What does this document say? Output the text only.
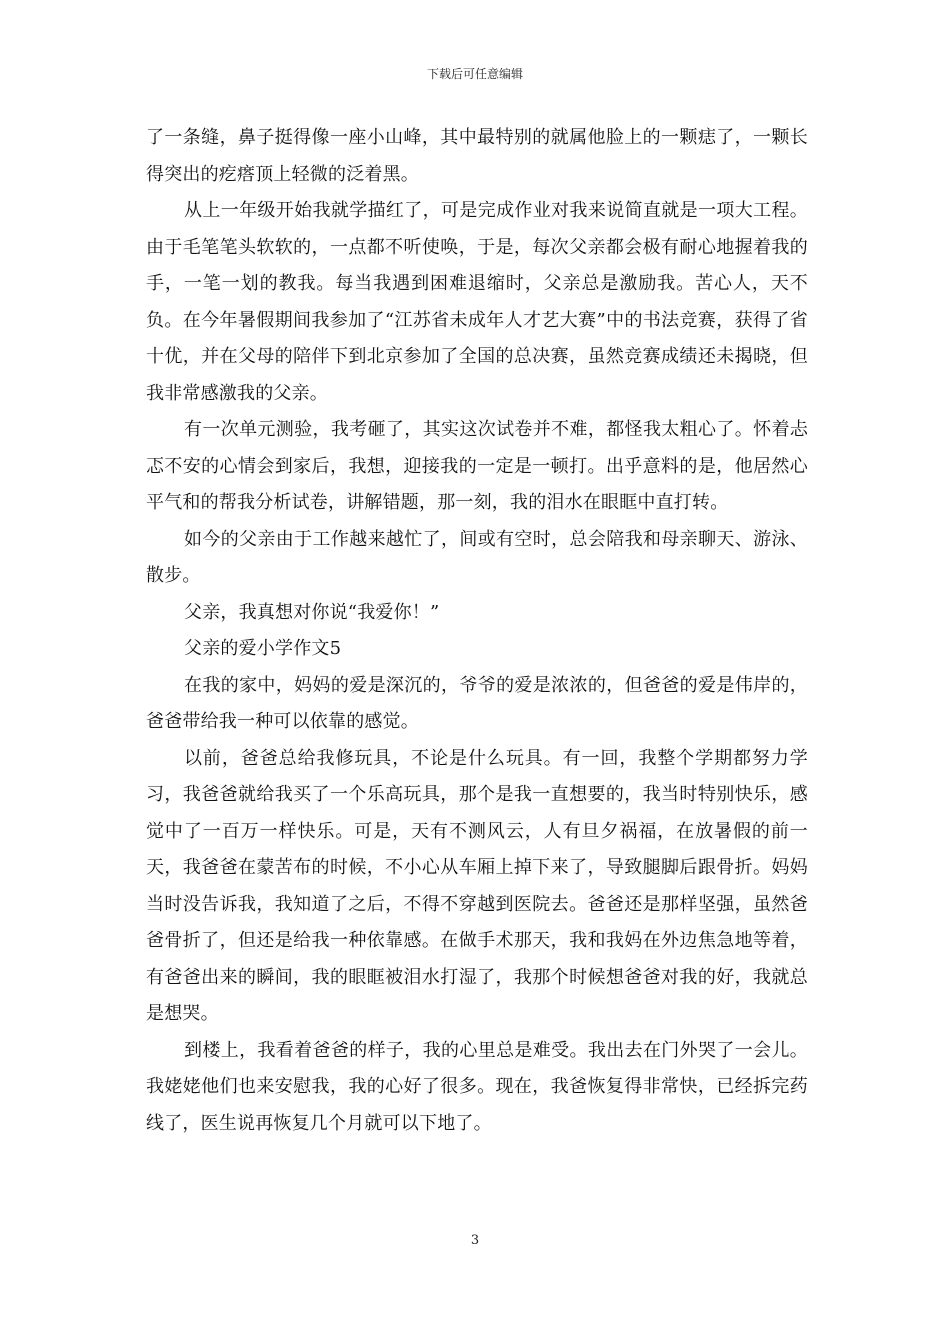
下载后可任意编辑

了一条缝，鼻子挺得像一座小山峰，其中最特别的就属他脸上的一颗痣了，一颗长得突出的疙瘩顶上轻微的泛着黑。

从上一年级开始我就学描红了，可是完成作业对我来说简直就是一项大工程。由于毛笔笔头软软的，一点都不听使唤，于是，每次父亲都会极有耐心地握着我的手，一笔一划的教我。每当我遇到困难退缩时，父亲总是激励我。苦心人，天不负。在今年暑假期间我参加了“江苏省未成年人才艺大赛”中的书法竞赛，获得了省十优，并在父母的陪伴下到北京参加了全国的总决赛，虽然竞赛成绩还未揭晓，但我非常感激我的父亲。

有一次单元测验，我考砸了，其实这次试卷并不难，都怪我太粗心了。怀着忐忑不安的心情会到家后，我想，迎接我的一定是一顿打。出乎意料的是，他居然心平气和的帮我分析试卷，讲解错题，那一刻，我的泪水在眼眶中直打转。

如今的父亲由于工作越来越忙了，间或有空时，总会陪我和母亲聊天、游泳、散步。

父亲，我真想对你说“我爱你！”

父亲的爱小学作文5

在我的家中，妈妈的爱是深沉的，爷爷的爱是浓浓的，但爸爸的爱是伟岸的，爸爸带给我一种可以依靠的感觉。

以前，爸爸总给我修玩具，不论是什么玩具。有一回，我整个学期都努力学习，我爸爸就给我买了一个乐高玩具，那个是我一直想要的，我当时特别快乐，感觉中了一百万一样快乐。可是，天有不测风云，人有旦夕祸福，在放暑假的前一天，我爸爸在蒙苦布的时候，不小心从车厢上掉下来了，导致腿脚后跟骨折。妈妈当时没告诉我，我知道了之后，不得不穿越到医院去。爸爸还是那样坚强，虽然爸爸骨折了，但还是给我一种依靠感。在做手术那天，我和我妈在外边焦急地等着，有爸爸出来的瞬间，我的眼眶被泪水打湿了，我那个时候想爸爸对我的好，我就总是想哭。

到楼上，我看着爸爸的样子，我的心里总是难受。我出去在门外哭了一会儿。我姥姥他们也来安慰我，我的心好了很多。现在，我爸恢复得非常快，已经拆完药线了，医生说再恢复几个月就可以下地了。

3
